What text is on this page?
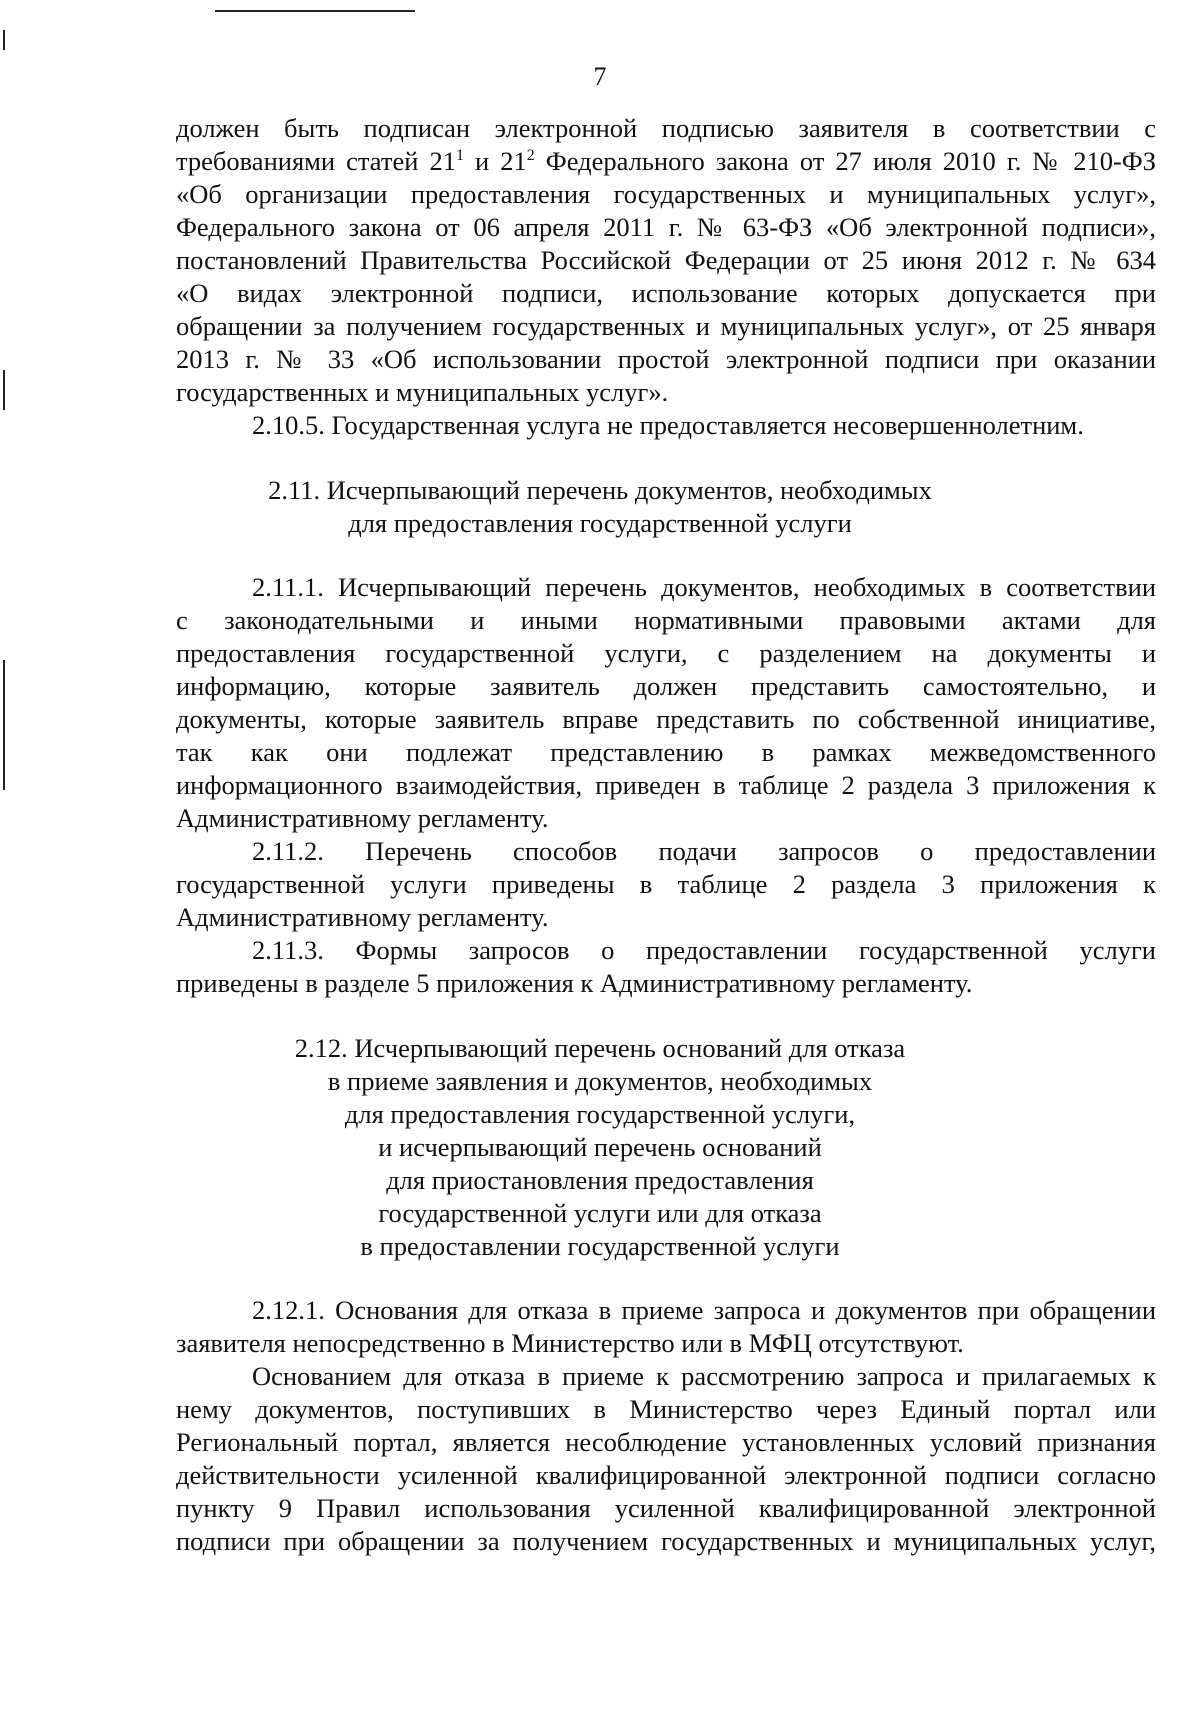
7

должен быть подписан электронной подписью заявителя в соответствии с

требованиями статей $21^1$ и $21^2$ Федерального закона от 27 июля 2010 г. № 210-ФЗ

«Об организации предоставления государственных и муниципальных услуг»,

Федерального закона от 06 апреля 2011 г. № 63-ФЗ «Об электронной подписи»,

постановлений Правительства Российской Федерации от 25 июня 2012 г. № 634

«О видах электронной подписи, использование которых допускается при

обращении за получением государственных и муниципальных услуг», от 25 января

2013 г. № 33 «Об использовании простой электронной подписи при оказании

государственных и муниципальных услуг».

2.10.5. Государственная услуга не предоставляется несовершеннолетним.

2.11. Исчерпывающий перечень документов, необходимых
для предоставления государственной услуги

2.11.1. Исчерпывающий перечень документов, необходимых в соответствии

с законодательными и иными нормативными правовыми актами для

предоставления государственной услуги, с разделением на документы и

информацию, которые заявитель должен представить самостоятельно, и

документы, которые заявитель вправе представить по собственной инициативе,

так как они подлежат представлению в рамках межведомственного

информационного взаимодействия, приведен в таблице 2 раздела 3 приложения к

Административному регламенту.

2.11.2. Перечень способов подачи запросов о предоставлении

государственной услуги приведены в таблице 2 раздела 3 приложения к

Административному регламенту.

2.11.3. Формы запросов о предоставлении государственной услуги

приведены в разделе 5 приложения к Административному регламенту.

2.12. Исчерпывающий перечень оснований для отказа
в приеме заявления и документов, необходимых
для предоставления государственной услуги,
и исчерпывающий перечень оснований
для приостановления предоставления
государственной услуги или для отказа
в предоставлении государственной услуги

2.12.1. Основания для отказа в приеме запроса и документов при обращении

заявителя непосредственно в Министерство или в МФЦ отсутствуют.

Основанием для отказа в приеме к рассмотрению запроса и прилагаемых к

нему документов, поступивших в Министерство через Единый портал или

Региональный портал, является несоблюдение установленных условий признания

действительности усиленной квалифицированной электронной подписи согласно

пункту 9 Правил использования усиленной квалифицированной электронной

подписи при обращении за получением государственных и муниципальных услуг,
